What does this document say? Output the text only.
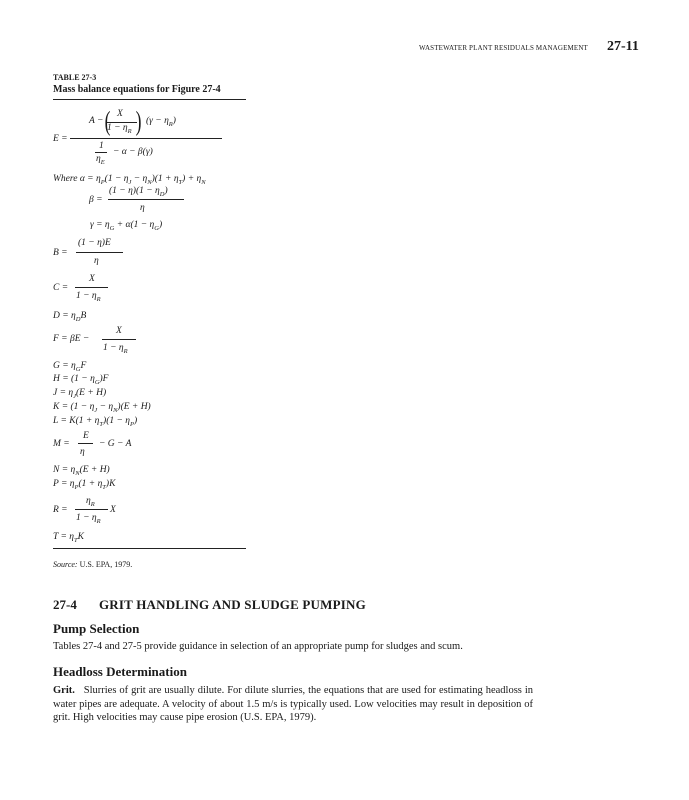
WASTEWATER PLANT RESIDUALS MANAGEMENT 27-11
TABLE 27-3
Mass balance equations for Figure 27-4
E =
A − ( X
$1 - \eta_R$ ) $(\gamma - \eta_R)$
1
$\eta_E$
− α − β(γ)
Where $\alpha = \eta_P(1 - \eta_J - \eta_N)(1 + \eta_T) + \eta_N$
β =
$(1 - \eta)(1 - \eta_D)$
η
$\gamma = \eta_G + \alpha(1 - \eta_G)$
B =
(1 − η)E
η
C =
X
$1 - \eta_R$
$D = \eta_DB$
F = βE −
X
$1 - \eta_R$
$G = \eta_GF$
$H = (1 - \eta_G)F$
$J = \eta_J(E + H)$
$K = (1 - \eta_J - \eta_N)(E + H)$
$L = K(1 + \eta_T)(1 - \eta_P)$
M =
E
η
− G − A
$N = \eta_N(E + H)$
$P = \eta_P(1 + \eta_T)K$
R =
$\eta_R$
$1 - \eta_R$
X
$T = \eta_TK$
Source: U.S. EPA, 1979.
27-4 GRIT HANDLING AND SLUDGE PUMPING
Pump Selection
Tables 27-4 and 27-5 provide guidance in selection of an appropriate pump for sludges and scum.
Headloss Determination
Grit. Slurries of grit are usually dilute. For dilute slurries, the equations that are used for estimating headloss in water pipes are adequate. A velocity of about 1.5 m/s is typically used. Low velocities may result in deposition of grit. High velocities may cause pipe erosion (U.S. EPA, 1979).
